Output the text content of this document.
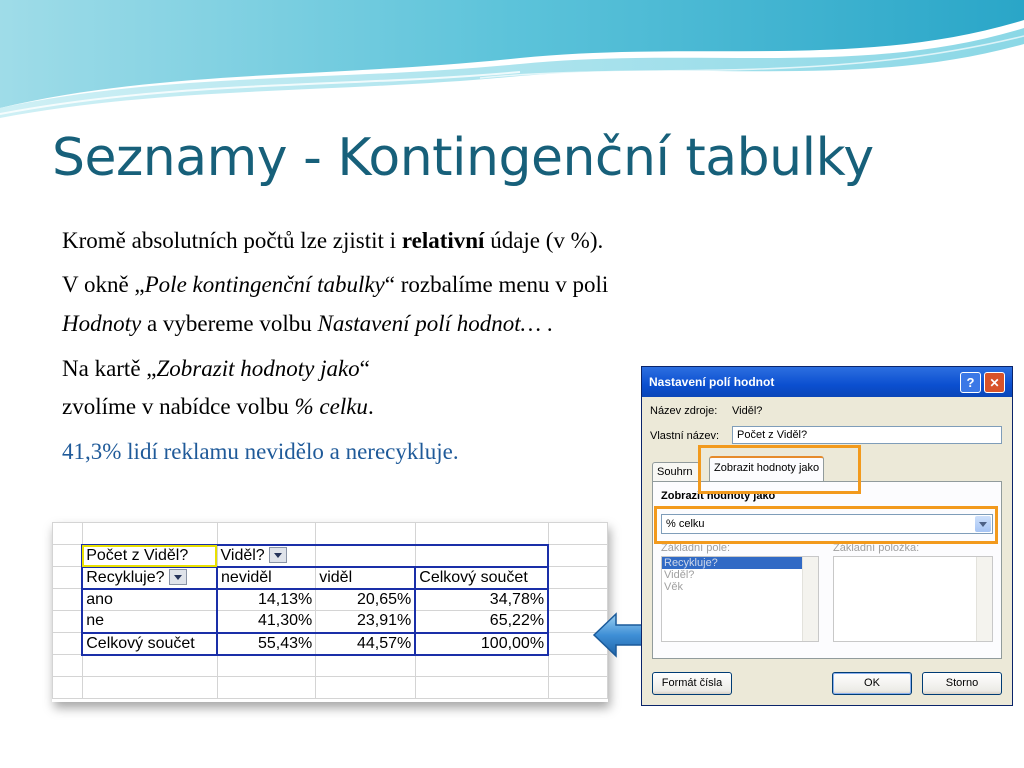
Seznamy - Kontingenční tabulky
Kromě absolutních počtů lze zjistit i relativní údaje (v %).
V okně „Pole kontingenční tabulky“ rozbalíme menu v poli
Hodnoty a vybereme volbu Nastavení polí hodnot… .
Na kartě „Zobrazit hodnoty jako“
zvolíme v nabídce volbu % celku.
41,3% lidí reklamu nevidělo a nerecykluje.

	Počet z Viděl?	Viděl?			
	Recykluje?	neviděl	viděl	Celkový součet	
	ano	14,13%	20,65%	34,78%	
	ne	41,30%	23,91%	65,22%	
	Celkový součet	55,43%	44,57%	100,00%	

Nastavení polí hodnot	?	✕
Název zdroje: Viděl?
Vlastní název:	Počet z Viděl?
Souhrn	Zobrazit hodnoty jako
Zobrazit hodnoty jako
% celku
Základní pole:	Základní položka:
Recykluje?
Viděl?
Věk
Formát čísla	OK	Storno
